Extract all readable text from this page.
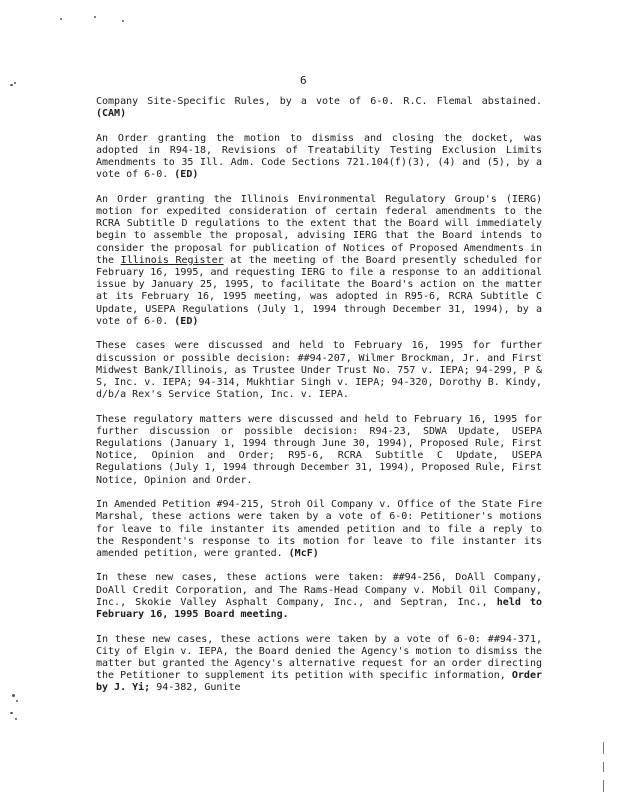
6

Company Site-Specific Rules, by a vote of 6-0. R.C. Flemal abstained. (CAM)

An Order granting the motion to dismiss and closing the docket, was adopted in R94-18, Revisions of Treatability Testing Exclusion Limits Amendments to 35 Ill. Adm. Code Sections 721.104(f)(3), (4) and (5), by a vote of 6-0. (ED)

An Order granting the Illinois Environmental Regulatory Group's (IERG) motion for expedited consideration of certain federal amendments to the RCRA Subtitle D regulations to the extent that the Board will immediately begin to assemble the proposal, advising IERG that the Board intends to consider the proposal for publication of Notices of Proposed Amendments in the Illinois Register at the meeting of the Board presently scheduled for February 16, 1995, and requesting IERG to file a response to an additional issue by January 25, 1995, to facilitate the Board's action on the matter at its February 16, 1995 meeting, was adopted in R95-6, RCRA Subtitle C Update, USEPA Regulations (July 1, 1994 through December 31, 1994), by a vote of 6-0. (ED)

These cases were discussed and held to February 16, 1995 for further discussion or possible decision: ##94-207, Wilmer Brockman, Jr. and First Midwest Bank/Illinois, as Trustee Under Trust No. 757 v. IEPA; 94-299, P & S, Inc. v. IEPA; 94-314, Mukhtiar Singh v. IEPA; 94-320, Dorothy B. Kindy, d/b/a Rex's Service Station, Inc. v. IEPA.

These regulatory matters were discussed and held to February 16, 1995 for further discussion or possible decision: R94-23, SDWA Update, USEPA Regulations (January 1, 1994 through June 30, 1994), Proposed Rule, First Notice, Opinion and Order; R95-6, RCRA Subtitle C Update, USEPA Regulations (July 1, 1994 through December 31, 1994), Proposed Rule, First Notice, Opinion and Order.

In Amended Petition #94-215, Stroh Oil Company v. Office of the State Fire Marshal, these actions were taken by a vote of 6-0: Petitioner's motions for leave to file instanter its amended petition and to file a reply to the Respondent's response to its motion for leave to file instanter its amended petition, were granted. (McF)

In these new cases, these actions were taken: ##94-256, DoAll Company, DoAll Credit Corporation, and The Rams-Head Company v. Mobil Oil Company, Inc., Skokie Valley Asphalt Company, Inc., and Septran, Inc., held to February 16, 1995 Board meeting.

In these new cases, these actions were taken by a vote of 6-0: ##94-371, City of Elgin v. IEPA, the Board denied the Agency's motion to dismiss the matter but granted the Agency's alternative request for an order directing the Petitioner to supplement its petition with specific information, Order by J. Yi; 94-382, Gunite
